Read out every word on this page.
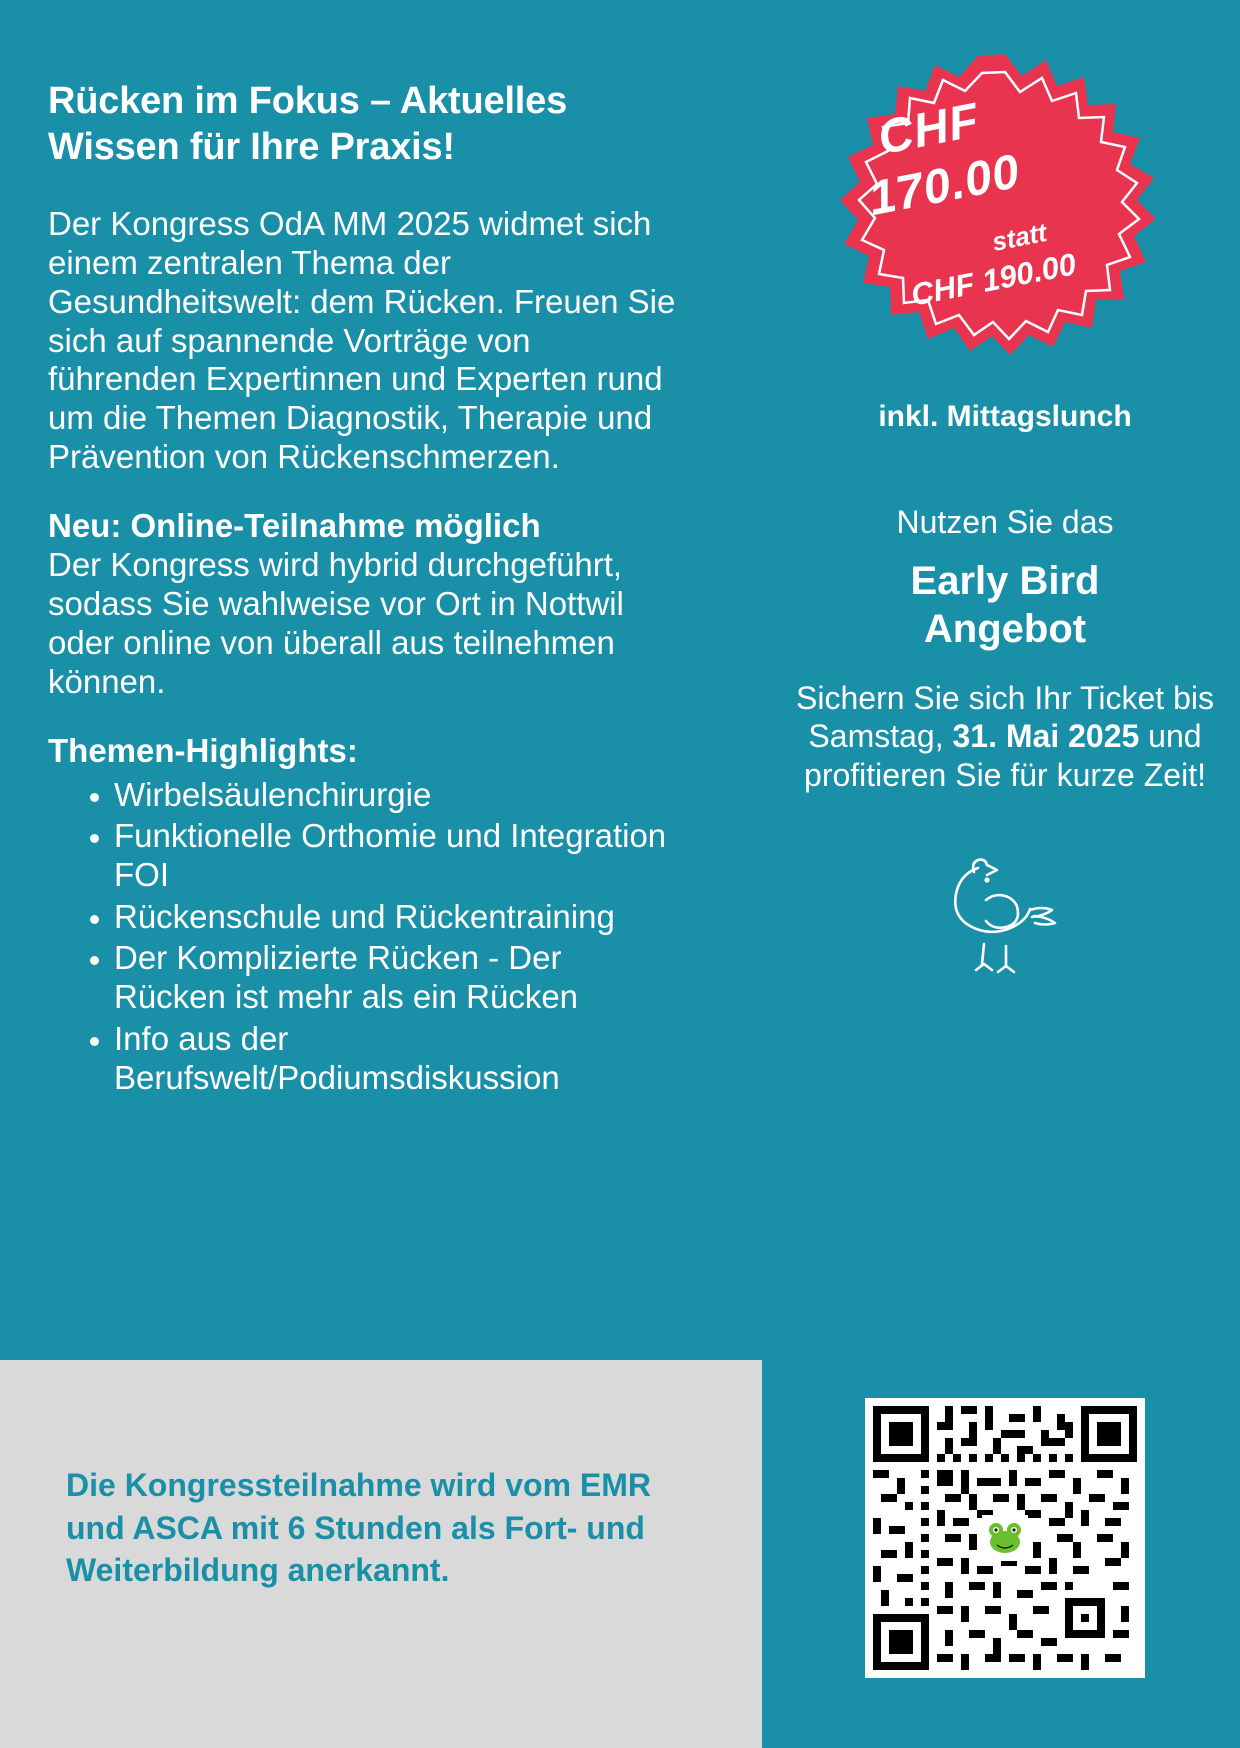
Rücken im Fokus – Aktuelles Wissen für Ihre Praxis!

Der Kongress OdA MM 2025 widmet sich einem zentralen Thema der Gesundheitswelt: dem Rücken. Freuen Sie sich auf spannende Vorträge von führenden Expertinnen und Experten rund um die Themen Diagnostik, Therapie und Prävention von Rückenschmerzen.

Neu: Online-Teilnahme möglich

Der Kongress wird hybrid durchgeführt, sodass Sie wahlweise vor Ort in Nottwil oder online von überall aus teilnehmen können.

Themen-Highlights:

• Wirbelsäulenchirurgie
• Funktionelle Orthomie und Integration FOI
• Rückenschule und Rückentraining
• Der Komplizierte Rücken - Der Rücken ist mehr als ein Rücken
• Info aus der Berufswelt/Podiumsdiskussion
CHF
170.00
statt
CHF 190.00

inkl. Mittagslunch

Nutzen Sie das

Early Bird
Angebot

Sichern Sie sich Ihr Ticket bis Samstag, 31. Mai 2025 und profitieren Sie für kurze Zeit!

Die Kongressteilnahme wird vom EMR und ASCA mit 6 Stunden als Fort- und Weiterbildung anerkannt.
